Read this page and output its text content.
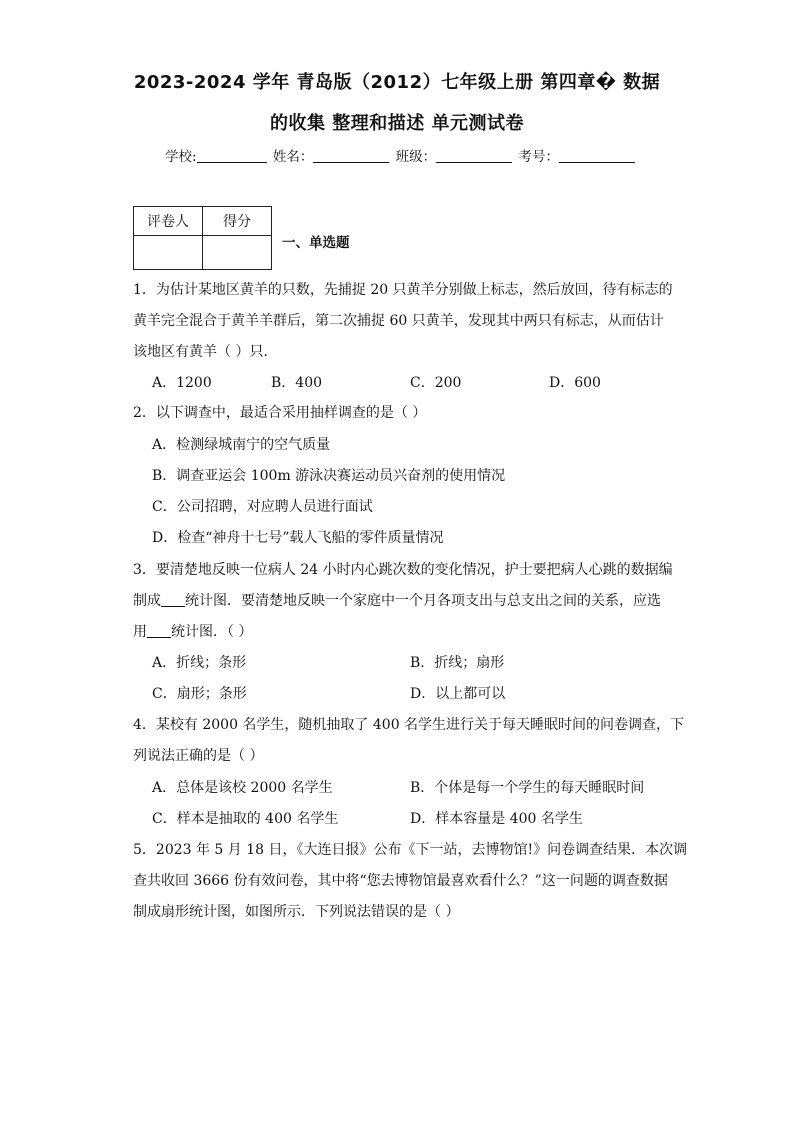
2023-2024 学年 青岛版（2012）七年级上册 第四章� 数据
的收集 整理和描述 单元测试卷
学校:	姓名：	班级：	考号：
评卷人	得分

一、单选题
1．为估计某地区黄羊的只数，先捕捉 20 只黄羊分别做上标志，然后放回，待有标志的
黄羊完全混合于黄羊羊群后，第二次捕捉 60 只黄羊，发现其中两只有标志，从而估计
该地区有黄羊（ ）只．
A．1200	B．400	C．200	D．600
2．以下调查中，最适合采用抽样调查的是（ ）
A．检测绿城南宁的空气质量
B．调查亚运会 100m 游泳决赛运动员兴奋剂的使用情况
C．公司招聘，对应聘人员进行面试
D．检查“神舟十七号”载人飞船的零件质量情况
3．要清楚地反映一位病人 24 小时内心跳次数的变化情况，护士要把病人心跳的数据编
制成 统计图．要清楚地反映一个家庭中一个月各项支出与总支出之间的关系，应选
用 统计图．（ ）
A．折线；条形	B．折线；扇形
C．扇形；条形	D．以上都可以
4．某校有 2000 名学生，随机抽取了 400 名学生进行关于每天睡眠时间的问卷调查，下
列说法正确的是（ ）
A．总体是该校 2000 名学生	B．个体是每一个学生的每天睡眠时间
C．样本是抽取的 400 名学生	D．样本容量是 400 名学生
5．2023 年 5 月 18 日，《大连日报》公布《下一站，去博物馆!》问卷调查结果．本次调
查共收回 3666 份有效问卷，其中将“您去博物馆最喜欢看什么？”这一问题的调查数据
制成扇形统计图，如图所示．下列说法错误的是（ ）
